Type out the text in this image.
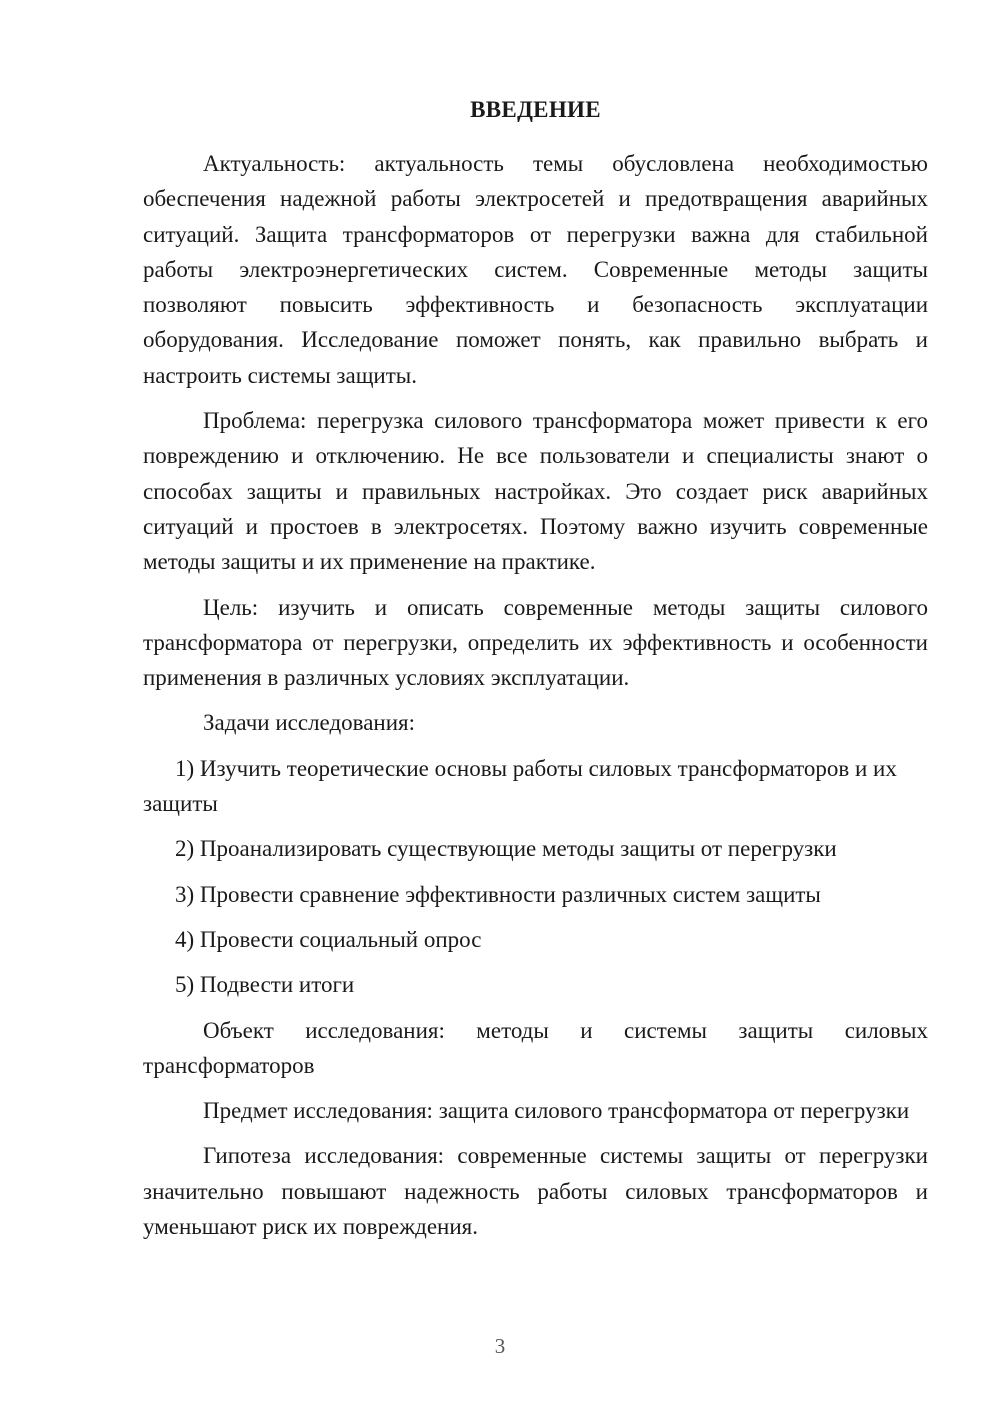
ВВЕДЕНИЕ

Актуальность: актуальность темы обусловлена необходимостью обеспечения надежной работы электросетей и предотвращения аварийных ситуаций. Защита трансформаторов от перегрузки важна для стабильной работы электроэнергетических систем. Современные методы защиты позволяют повысить эффективность и безопасность эксплуатации оборудования. Исследование поможет понять, как правильно выбрать и настроить системы защиты.

Проблема: перегрузка силового трансформатора может привести к его повреждению и отключению. Не все пользователи и специалисты знают о способах защиты и правильных настройках. Это создает риск аварийных ситуаций и простоев в электросетях. Поэтому важно изучить современные методы защиты и их применение на практике.

Цель: изучить и описать современные методы защиты силового трансформатора от перегрузки, определить их эффективность и особенности применения в различных условиях эксплуатации.

Задачи исследования:

1) Изучить теоретические основы работы силовых трансформаторов и их защиты

2) Проанализировать существующие методы защиты от перегрузки

3) Провести сравнение эффективности различных систем защиты

4) Провести социальный опрос

5) Подвести итоги

Объект исследования: методы и системы защиты силовых трансформаторов

Предмет исследования: защита силового трансформатора от перегрузки

Гипотеза исследования: современные системы защиты от перегрузки значительно повышают надежность работы силовых трансформаторов и уменьшают риск их повреждения.

3
